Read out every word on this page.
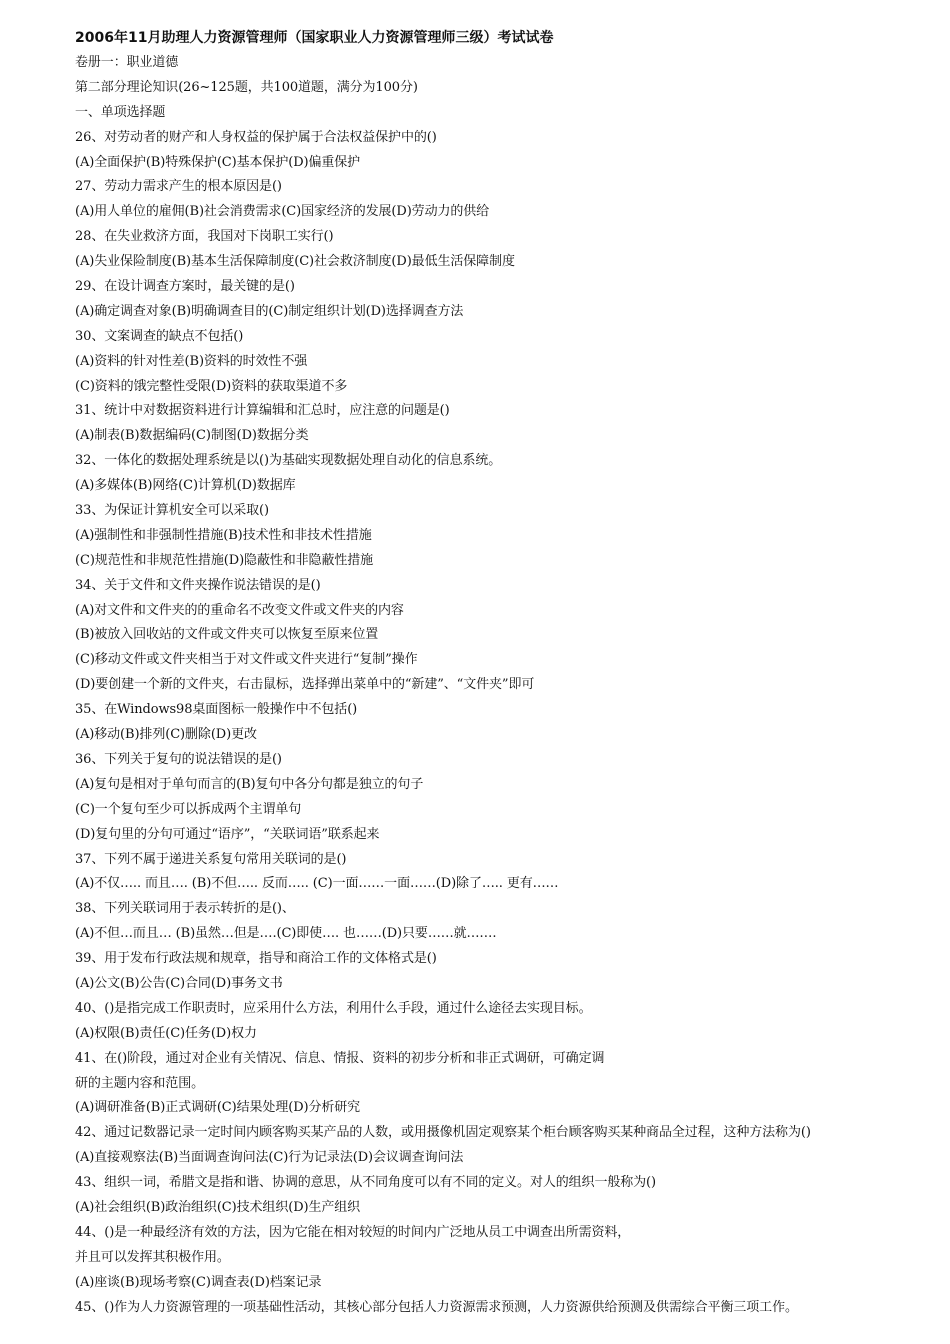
2006年11月助理人力资源管理师（国家职业人力资源管理师三级）考试试卷
卷册一：职业道德
第二部分理论知识(26~125题，共100道题，满分为100分)
一、单项选择题
26、对劳动者的财产和人身权益的保护属于合法权益保护中的()
(A)全面保护(B)特殊保护(C)基本保护(D)偏重保护
27、劳动力需求产生的根本原因是()
(A)用人单位的雇佣(B)社会消费需求(C)国家经济的发展(D)劳动力的供给
28、在失业救济方面，我国对下岗职工实行()
(A)失业保险制度(B)基本生活保障制度(C)社会救济制度(D)最低生活保障制度
29、在设计调查方案时，最关键的是()
(A)确定调查对象(B)明确调查目的(C)制定组织计划(D)选择调查方法
30、文案调查的缺点不包括()
(A)资料的针对性差(B)资料的时效性不强
(C)资料的饿完整性受限(D)资料的获取渠道不多
31、统计中对数据资料进行计算编辑和汇总时，应注意的问题是()
(A)制表(B)数据编码(C)制图(D)数据分类
32、一体化的数据处理系统是以()为基础实现数据处理自动化的信息系统。
(A)多媒体(B)网络(C)计算机(D)数据库
33、为保证计算机安全可以采取()
(A)强制性和非强制性措施(B)技术性和非技术性措施
(C)规范性和非规范性措施(D)隐蔽性和非隐蔽性措施
34、关于文件和文件夹操作说法错误的是()
(A)对文件和文件夹的的重命名不改变文件或文件夹的内容
(B)被放入回收站的文件或文件夹可以恢复至原来位置
(C)移动文件或文件夹相当于对文件或文件夹进行“复制”操作
(D)要创建一个新的文件夹，右击鼠标，选择弹出菜单中的“新建”、“文件夹”即可
35、在Windows98桌面图标一般操作中不包括()
(A)移动(B)排列(C)删除(D)更改
36、下列关于复句的说法错误的是()
(A)复句是相对于单句而言的(B)复句中各分句都是独立的句子
(C)一个复句至少可以拆成两个主谓单句
(D)复句里的分句可通过“语序”，“关联词语”联系起来
37、下列不属于递进关系复句常用关联词的是()
(A)不仅….. 而且…. (B)不但….. 反而….. (C)一面……一面……(D)除了….. 更有……
38、下列关联词用于表示转折的是()、
(A)不但…而且… (B)虽然…但是….(C)即使…. 也……(D)只要……就…….
39、用于发布行政法规和规章，指导和商洽工作的文体格式是()
(A)公文(B)公告(C)合同(D)事务文书
40、()是指完成工作职责时，应采用什么方法，利用什么手段，通过什么途径去实现目标。
(A)权限(B)责任(C)任务(D)权力
41、在()阶段，通过对企业有关情况、信息、情报、资料的初步分析和非正式调研，可确定调
研的主题内容和范围。
(A)调研准备(B)正式调研(C)结果处理(D)分析研究
42、通过记数器记录一定时间内顾客购买某产品的人数，或用摄像机固定观察某个柜台顾客购买某种商品全过程，这种方法称为()
(A)直接观察法(B)当面调查询问法(C)行为记录法(D)会议调查询问法
43、组织一词，希腊文是指和谐、协调的意思，从不同角度可以有不同的定义。对人的组织一般称为()
(A)社会组织(B)政治组织(C)技术组织(D)生产组织
44、()是一种最经济有效的方法，因为它能在相对较短的时间内广泛地从员工中调查出所需资料，
并且可以发挥其积极作用。
(A)座谈(B)现场考察(C)调查表(D)档案记录
45、()作为人力资源管理的一项基础性活动，其核心部分包括人力资源需求预测，人力资源供给预测及供需综合平衡三项工作。
